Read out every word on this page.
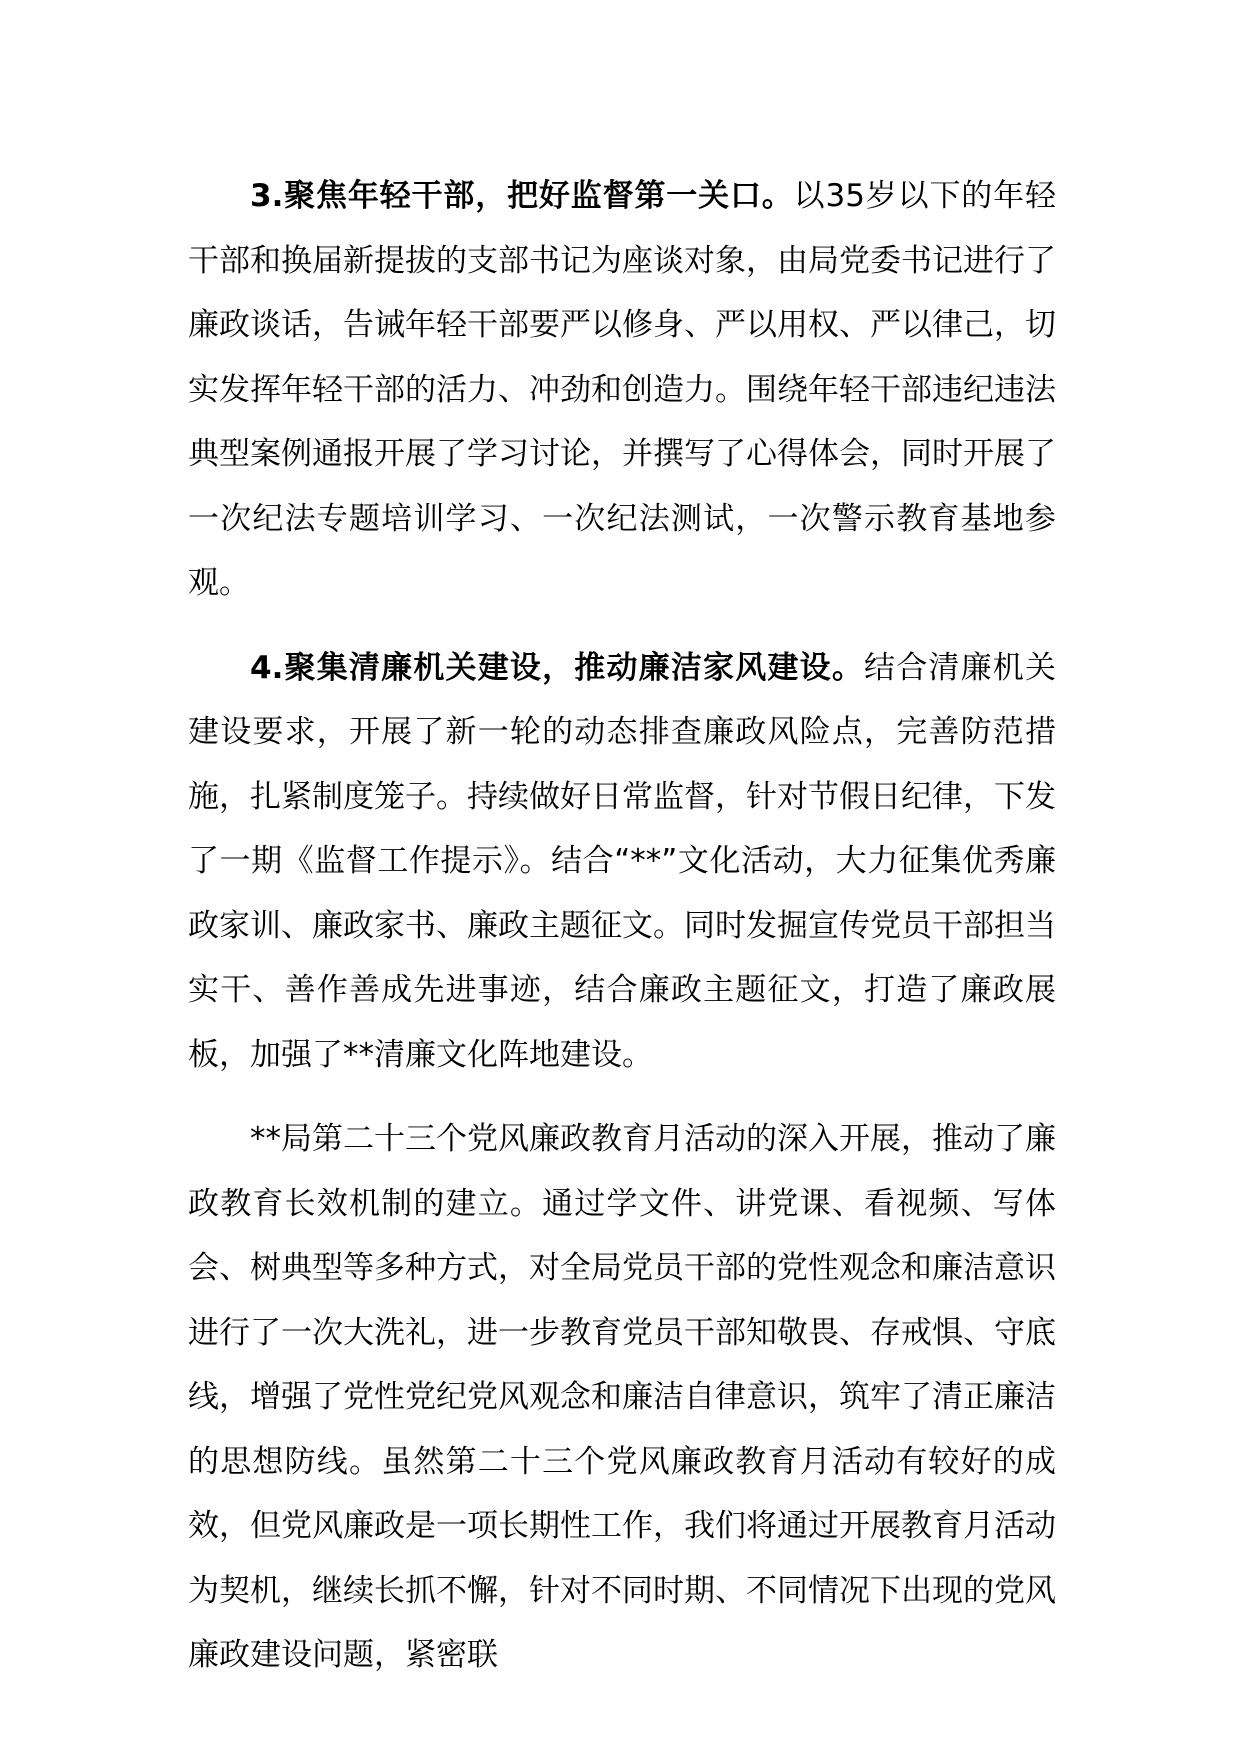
3.聚焦年轻干部，把好监督第一关口。以35岁以下的年轻干部和换届新提拔的支部书记为座谈对象，由局党委书记进行了廉政谈话，告诫年轻干部要严以修身、严以用权、严以律己，切实发挥年轻干部的活力、冲劲和创造力。围绕年轻干部违纪违法典型案例通报开展了学习讨论，并撰写了心得体会，同时开展了一次纪法专题培训学习、一次纪法测试，一次警示教育基地参观。

4.聚集清廉机关建设，推动廉洁家风建设。结合清廉机关建设要求，开展了新一轮的动态排查廉政风险点，完善防范措施，扎紧制度笼子。持续做好日常监督，针对节假日纪律，下发了一期《监督工作提示》。结合“**”文化活动，大力征集优秀廉政家训、廉政家书、廉政主题征文。同时发掘宣传党员干部担当实干、善作善成先进事迹，结合廉政主题征文，打造了廉政展板，加强了**清廉文化阵地建设。

**局第二十三个党风廉政教育月活动的深入开展，推动了廉政教育长效机制的建立。通过学文件、讲党课、看视频、写体会、树典型等多种方式，对全局党员干部的党性观念和廉洁意识进行了一次大洗礼，进一步教育党员干部知敬畏、存戒惧、守底线，增强了党性党纪党风观念和廉洁自律意识，筑牢了清正廉洁的思想防线。虽然第二十三个党风廉政教育月活动有较好的成效，但党风廉政是一项长期性工作，我们将通过开展教育月活动为契机，继续长抓不懈，针对不同时期、不同情况下出现的党风廉政建设问题，紧密联
